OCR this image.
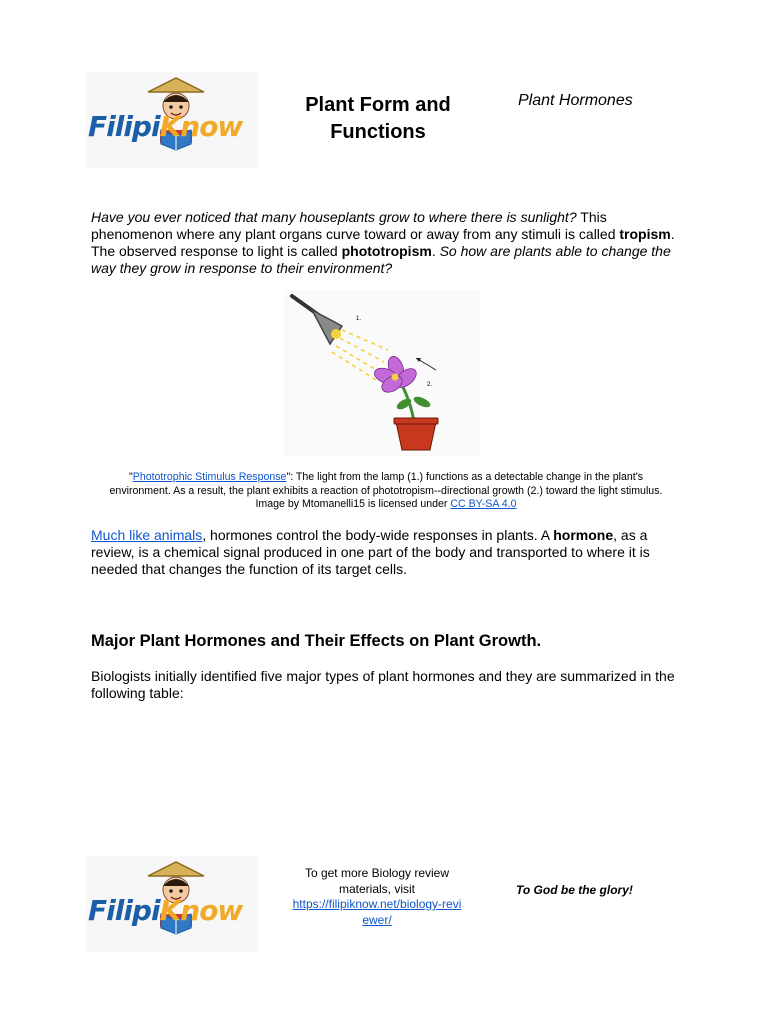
FilipiKnow
Plant Form and
Functions
Plant Hormones

Have you ever noticed that many houseplants grow to where there is sunlight? This phenomenon where any plant organs curve toward or away from any stimuli is called tropism. The observed response to light is called phototropism. So how are plants able to change the way they grow in response to their environment?

1.
2.

"Phototrophic Stimulus Response": The light from the lamp (1.) functions as a detectable change in the plant's environment. As a result, the plant exhibits a reaction of phototropism--directional growth (2.) toward the light stimulus. Image by Mtomanelli15 is licensed under CC BY-SA 4.0

Much like animals, hormones control the body-wide responses in plants. A hormone, as a review, is a chemical signal produced in one part of the body and transported to where it is needed that changes the function of its target cells.

Major Plant Hormones and Their Effects on Plant Growth.

Biologists initially identified five major types of plant hormones and they are summarized in the following table:

FilipiKnow
To get more Biology review
materials, visit
https://filipiknow.net/biology-revi
ewer/
To God be the glory!
